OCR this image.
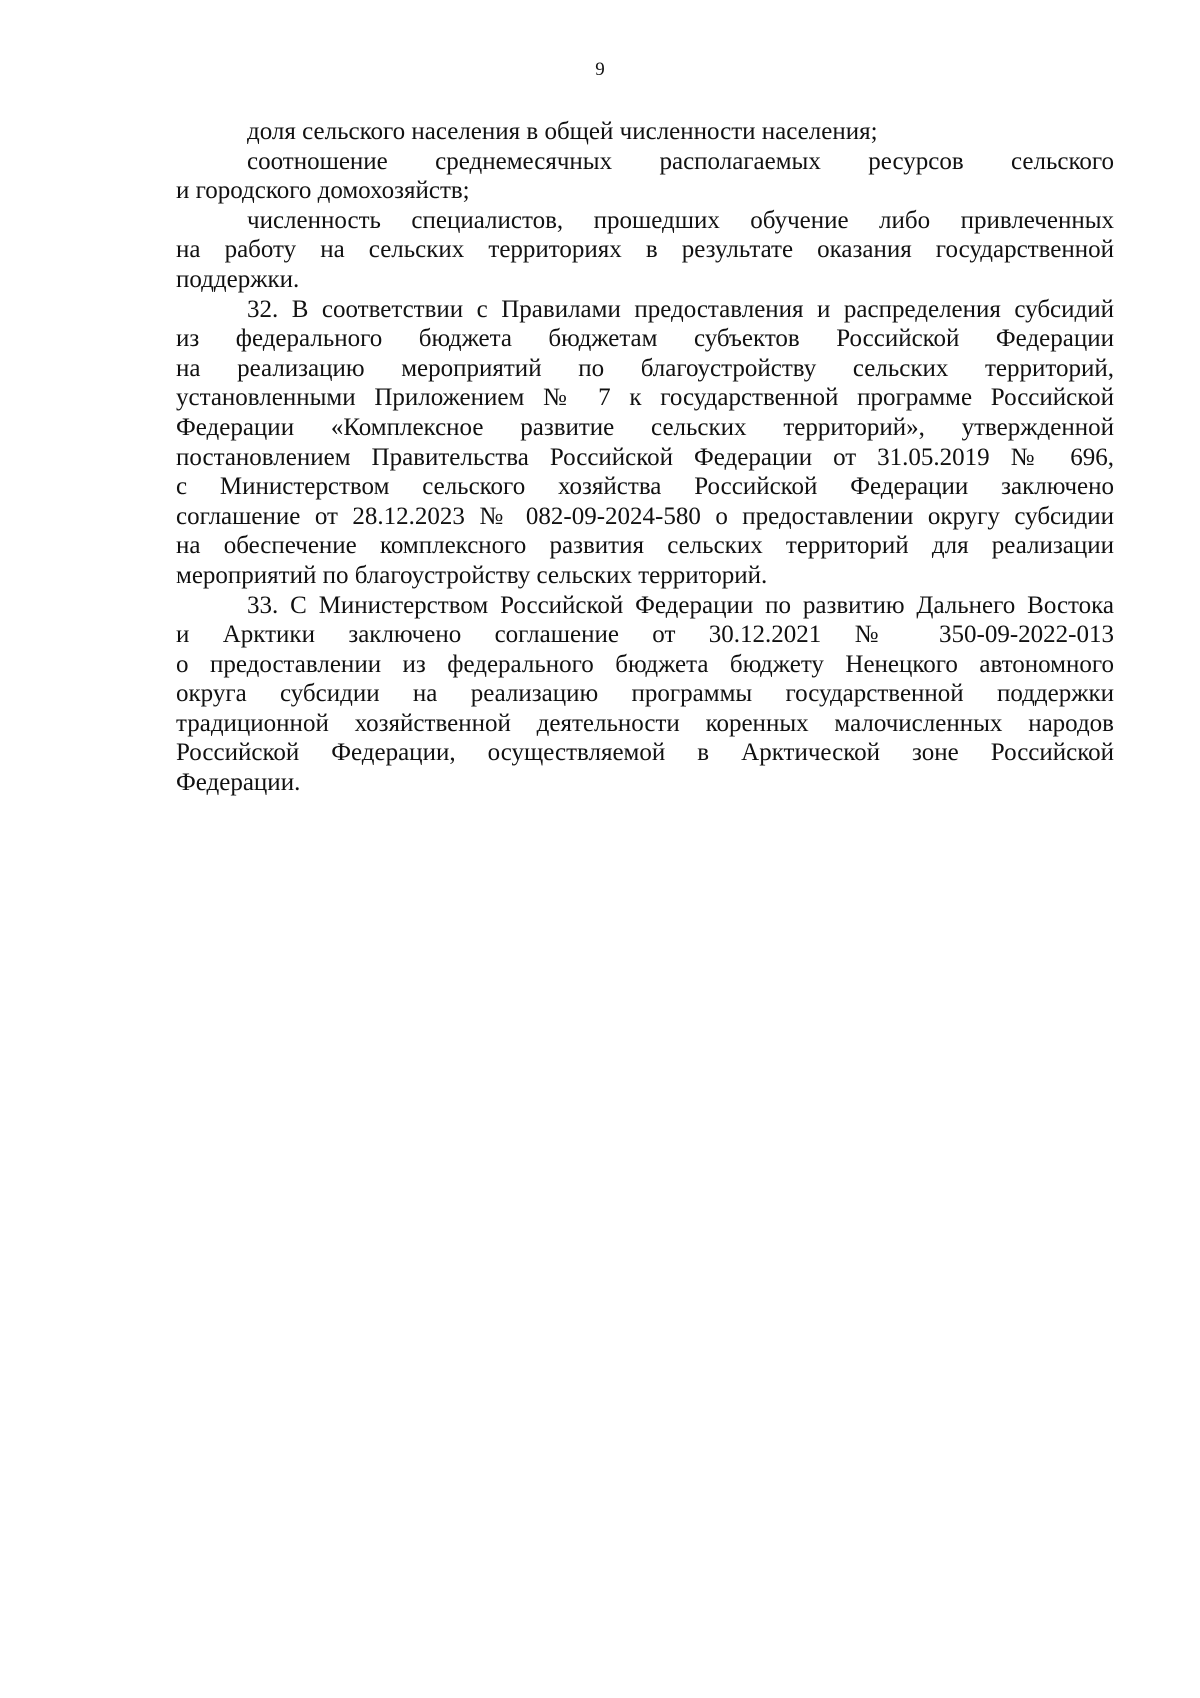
9
доля сельского населения в общей численности населения;
соотношение среднемесячных располагаемых ресурсов сельского
и городского домохозяйств;
численность специалистов, прошедших обучение либо привлеченных
на работу на сельских территориях в результате оказания государственной
поддержки.
32. В соответствии с Правилами предоставления и распределения субсидий
из федерального бюджета бюджетам субъектов Российской Федерации
на реализацию мероприятий по благоустройству сельских территорий,
установленными Приложением № 7 к государственной программе Российской
Федерации «Комплексное развитие сельских территорий», утвержденной
постановлением Правительства Российской Федерации от 31.05.2019 № 696,
с Министерством сельского хозяйства Российской Федерации заключено
соглашение от 28.12.2023 № 082-09-2024-580 о предоставлении округу субсидии
на обеспечение комплексного развития сельских территорий для реализации
мероприятий по благоустройству сельских территорий.
33. С Министерством Российской Федерации по развитию Дальнего Востока
и Арктики заключено соглашение от 30.12.2021 № 350-09-2022-013
о предоставлении из федерального бюджета бюджету Ненецкого автономного
округа субсидии на реализацию программы государственной поддержки
традиционной хозяйственной деятельности коренных малочисленных народов
Российской Федерации, осуществляемой в Арктической зоне Российской
Федерации.
